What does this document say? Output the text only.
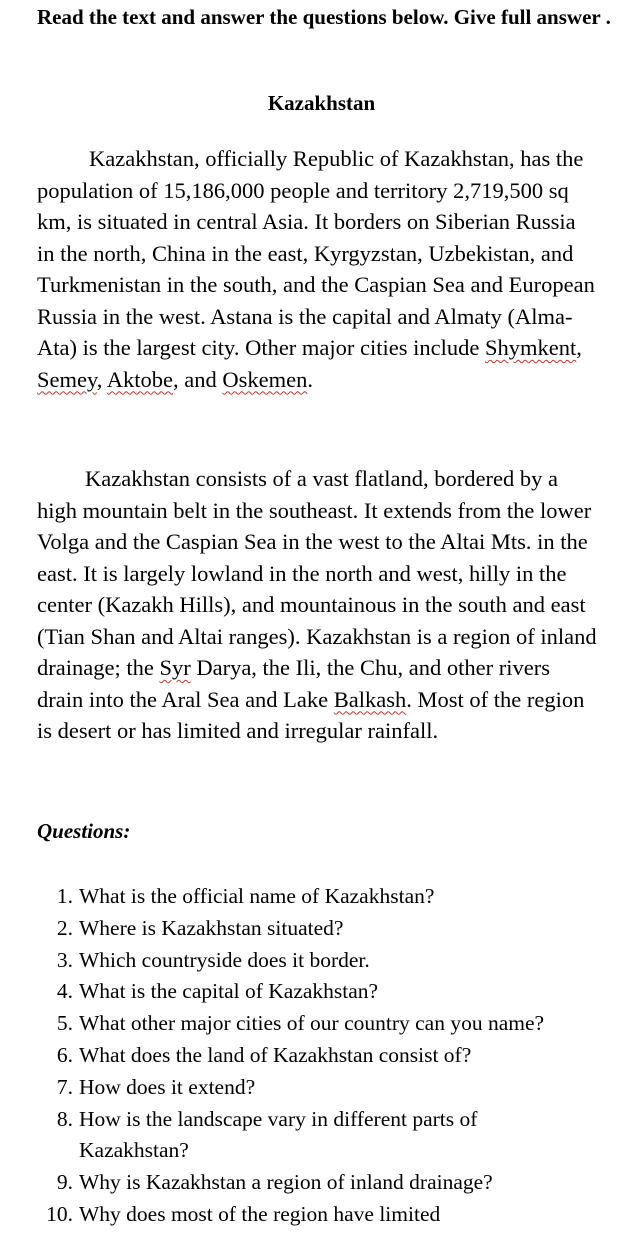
Read the text and answer the questions below. Give full answer .

Kazakhstan

Kazakhstan, officially Republic of Kazakhstan, has the population of 15,186,000 people and territory 2,719,500 sq km, is situated in central Asia. It borders on Siberian Russia in the north, China in the east, Kyrgyzstan, Uzbekistan, and Turkmenistan in the south, and the Caspian Sea and European Russia in the west. Astana is the capital and Almaty (Alma-Ata) is the largest city. Other major cities include Shymkent, Semey, Aktobe, and Oskemen.

Kazakhstan consists of a vast flatland, bordered by a high mountain belt in the southeast. It extends from the lower Volga and the Caspian Sea in the west to the Altai Mts. in the east. It is largely lowland in the north and west, hilly in the center (Kazakh Hills), and mountainous in the south and east (Tian Shan and Altai ranges). Kazakhstan is a region of inland drainage; the Syr Darya, the Ili, the Chu, and other rivers drain into the Aral Sea and Lake Balkash. Most of the region is desert or has limited and irregular rainfall.

Questions:

1. What is the official name of Kazakhstan?
2. Where is Kazakhstan situated?
3. Which countryside does it border.
4. What is the capital of Kazakhstan?
5. What other major cities of our country can you name?
6. What does the land of Kazakhstan consist of?
7. How does it extend?
8. How is the landscape vary in different parts of Kazakhstan?
9. Why is Kazakhstan a region of inland drainage?
10. Why does most of the region have limited
